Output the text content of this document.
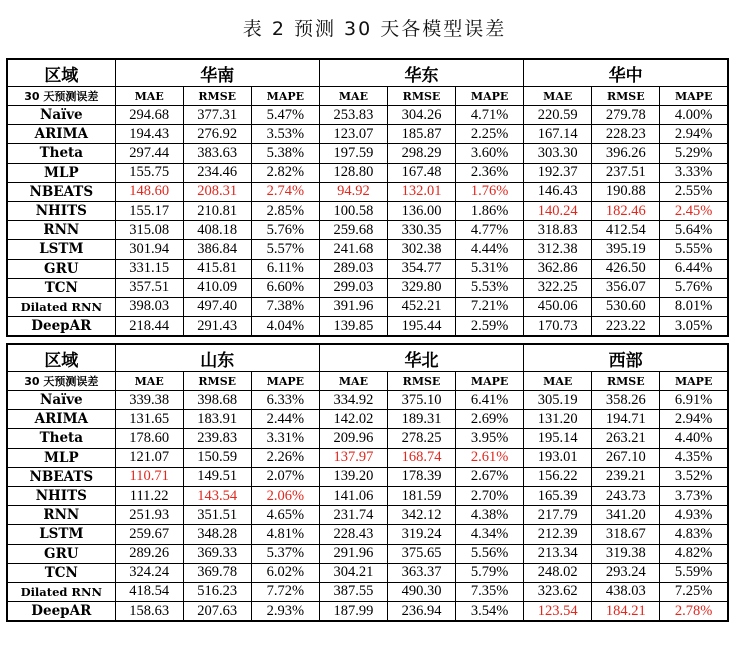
表 2 预测 30 天各模型误差
区域	华南			华东			华中		
30 天预测误差	MAE	RMSE	MAPE	MAE	RMSE	MAPE	MAE	RMSE	MAPE
Naïve	294.68	377.31	5.47%	253.83	304.26	4.71%	220.59	279.78	4.00%
ARIMA	194.43	276.92	3.53%	123.07	185.87	2.25%	167.14	228.23	2.94%
Theta	297.44	383.63	5.38%	197.59	298.29	3.60%	303.30	396.26	5.29%
MLP	155.75	234.46	2.82%	128.80	167.48	2.36%	192.37	237.51	3.33%
NBEATS	148.60	208.31	2.74%	94.92	132.01	1.76%	146.43	190.88	2.55%
NHITS	155.17	210.81	2.85%	100.58	136.00	1.86%	140.24	182.46	2.45%
RNN	315.08	408.18	5.76%	259.68	330.35	4.77%	318.83	412.54	5.64%
LSTM	301.94	386.84	5.57%	241.68	302.38	4.44%	312.38	395.19	5.55%
GRU	331.15	415.81	6.11%	289.03	354.77	5.31%	362.86	426.50	6.44%
TCN	357.51	410.09	6.60%	299.03	329.80	5.53%	322.25	356.07	5.76%
Dilated RNN	398.03	497.40	7.38%	391.96	452.21	7.21%	450.06	530.60	8.01%
DeepAR	218.44	291.43	4.04%	139.85	195.44	2.59%	170.73	223.22	3.05%
区域	山东			华北			西部		
30 天预测误差	MAE	RMSE	MAPE	MAE	RMSE	MAPE	MAE	RMSE	MAPE
Naïve	339.38	398.68	6.33%	334.92	375.10	6.41%	305.19	358.26	6.91%
ARIMA	131.65	183.91	2.44%	142.02	189.31	2.69%	131.20	194.71	2.94%
Theta	178.60	239.83	3.31%	209.96	278.25	3.95%	195.14	263.21	4.40%
MLP	121.07	150.59	2.26%	137.97	168.74	2.61%	193.01	267.10	4.35%
NBEATS	110.71	149.51	2.07%	139.20	178.39	2.67%	156.22	239.21	3.52%
NHITS	111.22	143.54	2.06%	141.06	181.59	2.70%	165.39	243.73	3.73%
RNN	251.93	351.51	4.65%	231.74	342.12	4.38%	217.79	341.20	4.93%
LSTM	259.67	348.28	4.81%	228.43	319.24	4.34%	212.39	318.67	4.83%
GRU	289.26	369.33	5.37%	291.96	375.65	5.56%	213.34	319.38	4.82%
TCN	324.24	369.78	6.02%	304.21	363.37	5.79%	248.02	293.24	5.59%
Dilated RNN	418.54	516.23	7.72%	387.55	490.30	7.35%	323.62	438.03	7.25%
DeepAR	158.63	207.63	2.93%	187.99	236.94	3.54%	123.54	184.21	2.78%
